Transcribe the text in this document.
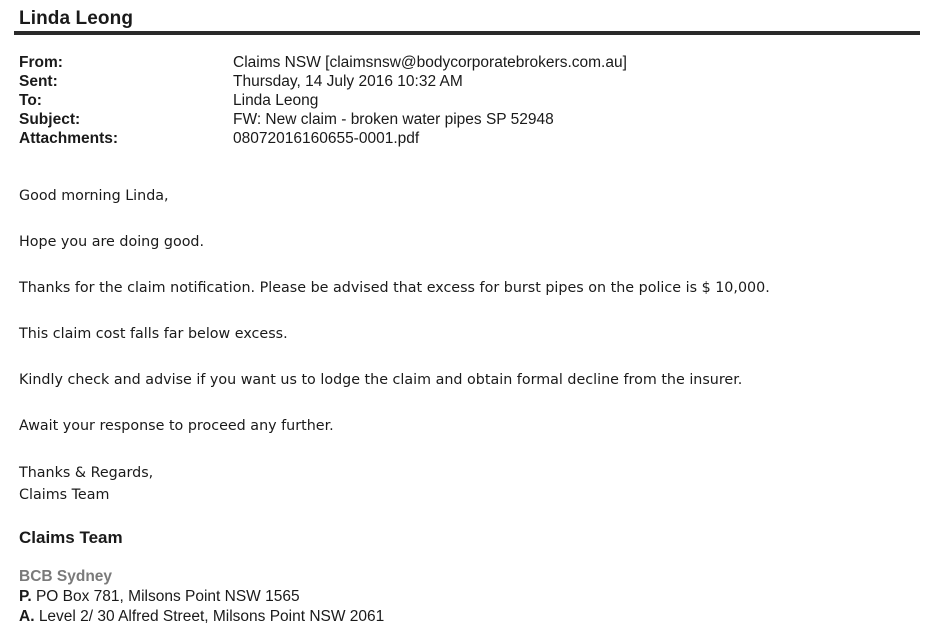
Linda Leong
From:	Claims NSW [claimsnsw@bodycorporatebrokers.com.au]
Sent:	Thursday, 14 July 2016 10:32 AM
To:	Linda Leong
Subject:	FW: New claim - broken water pipes SP 52948
Attachments:	08072016160655-0001.pdf
Good morning Linda,
Hope you are doing good.
Thanks for the claim notification. Please be advised that excess for burst pipes on the police is $ 10,000.
This claim cost falls far below excess.
Kindly check and advise if you want us to lodge the claim and obtain formal decline from the insurer.
Await your response to proceed any further.
Thanks & Regards,
Claims Team
Claims Team
BCB Sydney
P. PO Box 781, Milsons Point NSW 1565
A. Level 2/ 30 Alfred Street, Milsons Point NSW 2061
